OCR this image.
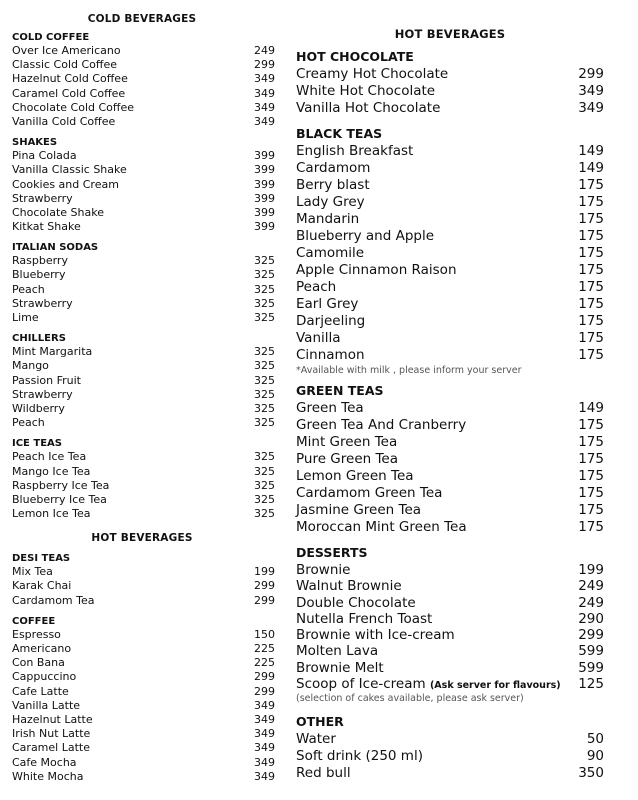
COLD BEVERAGES
COLD COFFEE
Over Ice Americano	249
Classic Cold Coffee	299
Hazelnut Cold Coffee	349
Caramel Cold Coffee	349
Chocolate Cold Coffee	349
Vanilla Cold Coffee	349
SHAKES
Pina Colada	399
Vanilla Classic Shake	399
Cookies and Cream	399
Strawberry	399
Chocolate Shake	399
Kitkat Shake	399
ITALIAN SODAS
Raspberry	325
Blueberry	325
Peach	325
Strawberry	325
Lime	325
CHILLERS
Mint Margarita	325
Mango	325
Passion Fruit	325
Strawberry	325
Wildberry	325
Peach	325
ICE TEAS
Peach Ice Tea	325
Mango Ice Tea	325
Raspberry Ice Tea	325
Blueberry Ice Tea	325
Lemon Ice Tea	325
HOT BEVERAGES
DESI TEAS
Mix Tea	199
Karak Chai	299
Cardamom Tea	299
COFFEE
Espresso	150
Americano	225
Con Bana	225
Cappuccino	299
Cafe Latte	299
Vanilla Latte	349
Hazelnut Latte	349
Irish Nut Latte	349
Caramel Latte	349
Cafe Mocha	349
White Mocha	349
HOT BEVERAGES
HOT CHOCOLATE
Creamy Hot Chocolate	299
White Hot Chocolate	349
Vanilla Hot Chocolate	349
BLACK TEAS
English Breakfast	149
Cardamom	149
Berry blast	175
Lady Grey	175
Mandarin	175
Blueberry and Apple	175
Camomile	175
Apple Cinnamon Raison	175
Peach	175
Earl Grey	175
Darjeeling	175
Vanilla	175
Cinnamon	175
*Available with milk , please inform your server
GREEN TEAS
Green Tea	149
Green Tea And Cranberry	175
Mint Green Tea	175
Pure Green Tea	175
Lemon Green Tea	175
Cardamom Green Tea	175
Jasmine Green Tea	175
Moroccan Mint Green Tea	175
DESSERTS
Brownie	199
Walnut Brownie	249
Double Chocolate	249
Nutella French Toast	290
Brownie with Ice-cream	299
Molten Lava	599
Brownie Melt	599
Scoop of Ice-cream (Ask server for flavours)	125
(selection of cakes available, please ask server)
OTHER
Water	50
Soft drink (250 ml)	90
Red bull	350
